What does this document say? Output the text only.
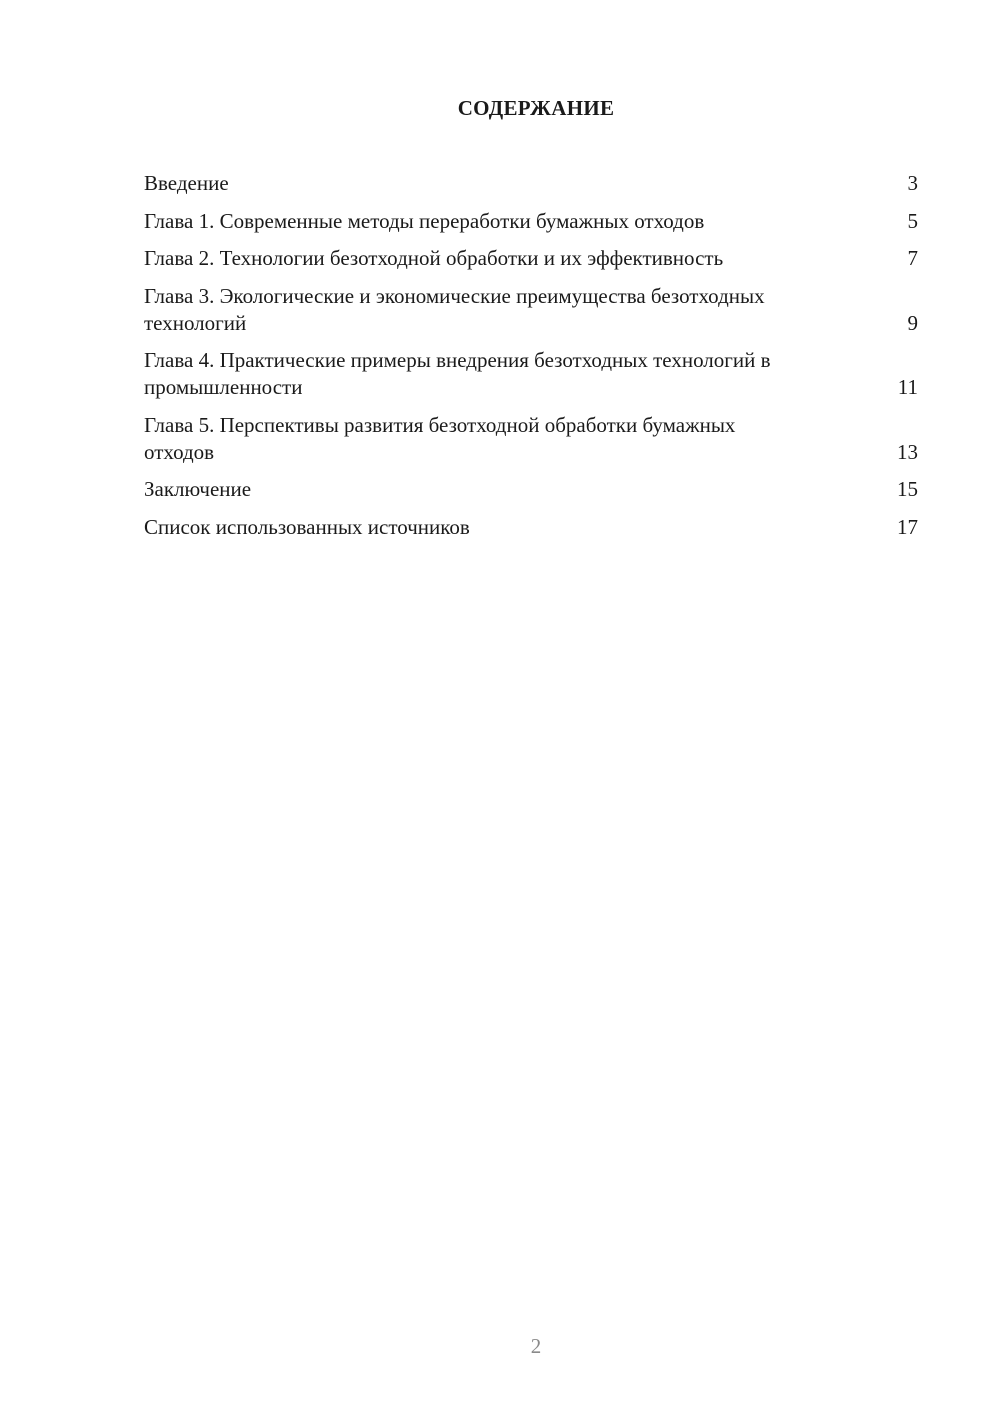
СОДЕРЖАНИЕ
Введение	3
Глава 1. Современные методы переработки бумажных отходов	5
Глава 2. Технологии безотходной обработки и их эффективность	7
Глава 3. Экологические и экономические преимущества безотходных технологий	9
Глава 4. Практические примеры внедрения безотходных технологий в промышленности	11
Глава 5. Перспективы развития безотходной обработки бумажных отходов	13
Заключение	15
Список использованных источников	17
2
